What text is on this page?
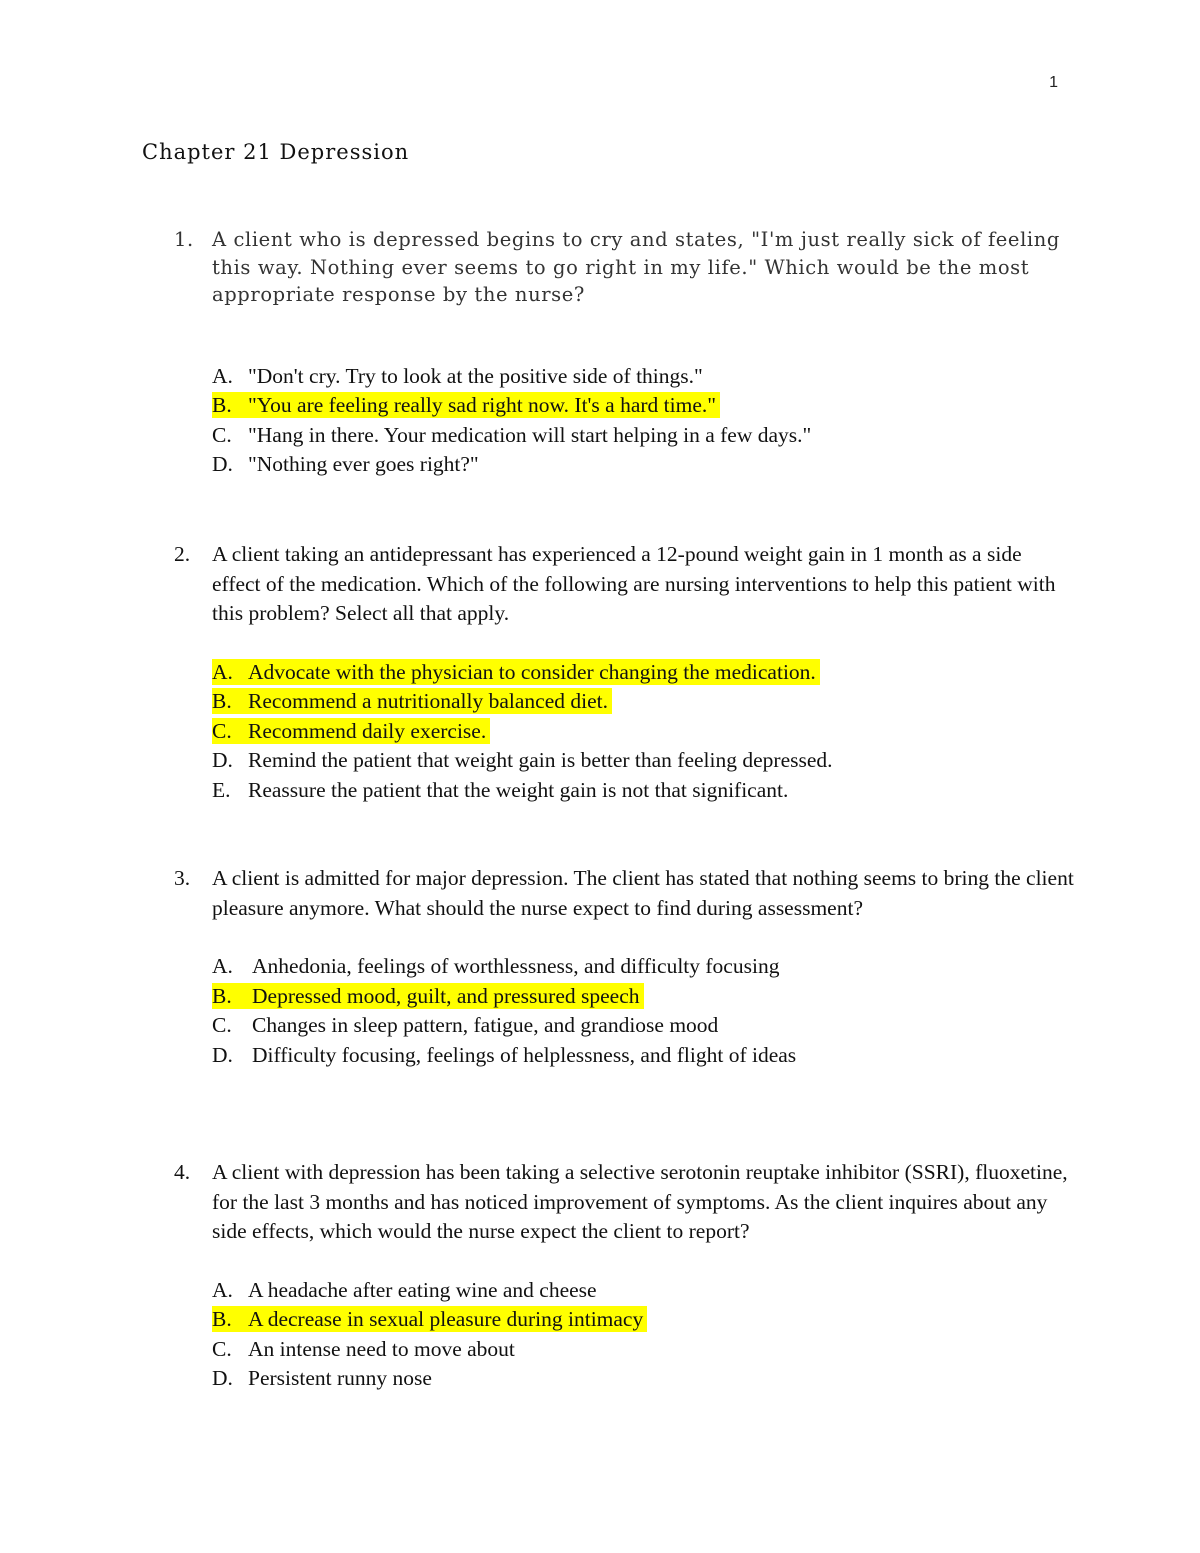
1
Chapter 21 Depression
1. A client who is depressed begins to cry and states, "I'm just really sick of feeling this way. Nothing ever seems to go right in my life." Which would be the most appropriate response by the nurse?
A. "Don't cry. Try to look at the positive side of things."
B. "You are feeling really sad right now. It's a hard time."
C. "Hang in there. Your medication will start helping in a few days."
D. "Nothing ever goes right?"
2.	A client taking an antidepressant has experienced a 12-pound weight gain in 1 month as a side effect of the medication. Which of the following are nursing interventions to help this patient with this problem? Select all that apply.
A. Advocate with the physician to consider changing the medication.
B. Recommend a nutritionally balanced diet.
C. Recommend daily exercise.
D. Remind the patient that weight gain is better than feeling depressed.
E. Reassure the patient that the weight gain is not that significant.
3.	A client is admitted for major depression. The client has stated that nothing seems to bring the client pleasure anymore. What should the nurse expect to find during assessment?
A. Anhedonia, feelings of worthlessness, and difficulty focusing
B. Depressed mood, guilt, and pressured speech
C. Changes in sleep pattern, fatigue, and grandiose mood
D. Difficulty focusing, feelings of helplessness, and flight of ideas
4.	A client with depression has been taking a selective serotonin reuptake inhibitor (SSRI), fluoxetine, for the last 3 months and has noticed improvement of symptoms. As the client inquires about any side effects, which would the nurse expect the client to report?
A. A headache after eating wine and cheese
B. A decrease in sexual pleasure during intimacy
C. An intense need to move about
D. Persistent runny nose
